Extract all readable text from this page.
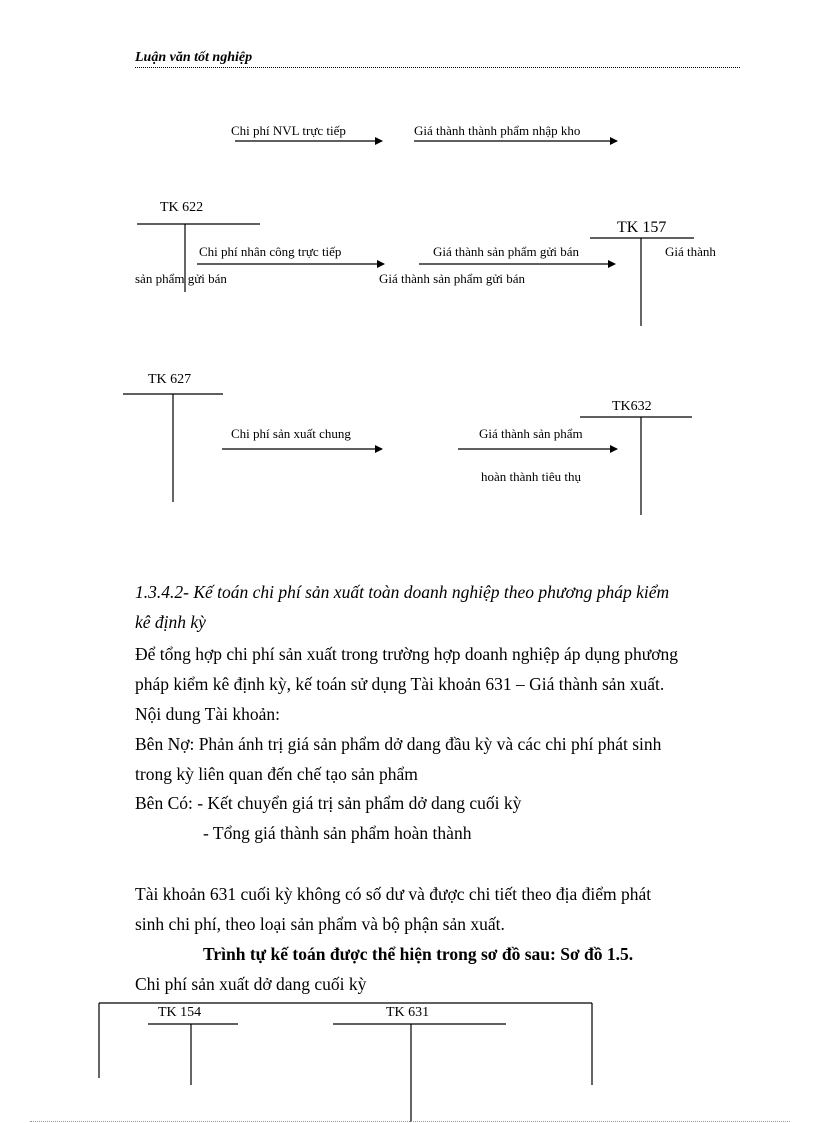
Luận văn tốt nghiệp
Chi phí NVL trực tiếp	Giá thành thành phẩm nhập kho
TK 622
TK 157
Chi phí nhân công trực tiếp	Giá thành sản phẩm gửi bán	Giá thành
sản phẩm gửi bán	Giá thành sản phẩm gửi bán
TK 627
TK632
Chi phí sản xuất chung	Giá thành sản phẩm
hoàn thành tiêu thụ
1.3.4.2- Kế toán chi phí sản xuất toàn doanh nghiệp theo phương pháp kiểm
kê định kỳ
Để tổng hợp chi phí sản xuất trong trường hợp doanh nghiệp áp dụng phương
pháp kiểm kê định kỳ, kế toán sử dụng Tài khoản 631 – Giá thành sản xuất.
Nội dung Tài khoản:
Bên Nợ: Phản ánh trị giá sản phẩm dở dang đầu kỳ và các chi phí phát sinh
trong kỳ liên quan đến chế tạo sản phẩm
Bên Có: - Kết chuyển giá trị sản phẩm dở dang cuối kỳ
- Tổng giá thành sản phẩm hoàn thành
Tài khoản 631 cuối kỳ không có số dư và được chi tiết theo địa điểm phát
sinh chi phí, theo loại sản phẩm và bộ phận sản xuất.
Trình tự kế toán được thể hiện trong sơ đồ sau: Sơ đồ 1.5.
Chi phí sản xuất dở dang cuối kỳ
TK 154	TK 631
